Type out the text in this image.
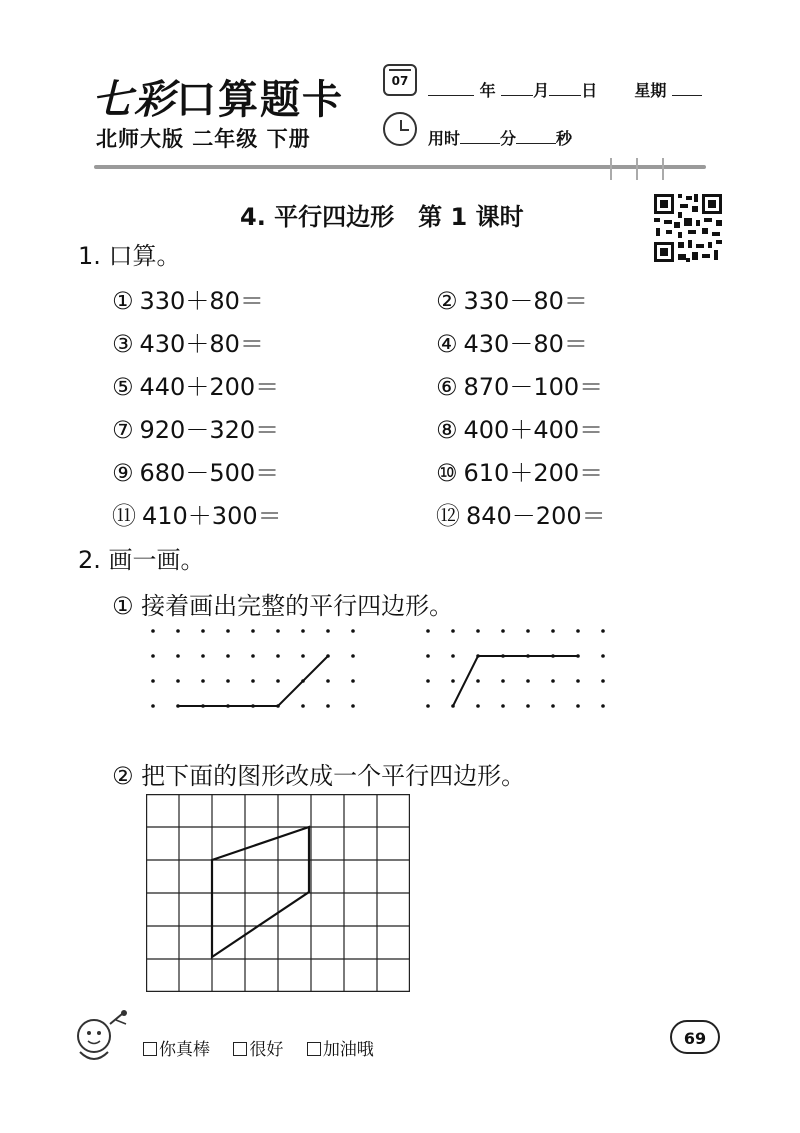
七彩口算题卡
北师大版 二年级 下册
07	年 月 日 星期
用时	分	秒
4. 平行四边形　第 1 课时
1. 口算。
① 330＋80＝	② 330－80＝
③ 430＋80＝	④ 430－80＝
⑤ 440＋200＝	⑥ 870－100＝
⑦ 920－320＝	⑧ 400＋400＝
⑨ 680－500＝	⑩ 610＋200＝
⑪ 410＋300＝	⑫ 840－200＝
2. 画一画。
① 接着画出完整的平行四边形。
② 把下面的图形改成一个平行四边形。
你真棒 很好 加油哦
69
